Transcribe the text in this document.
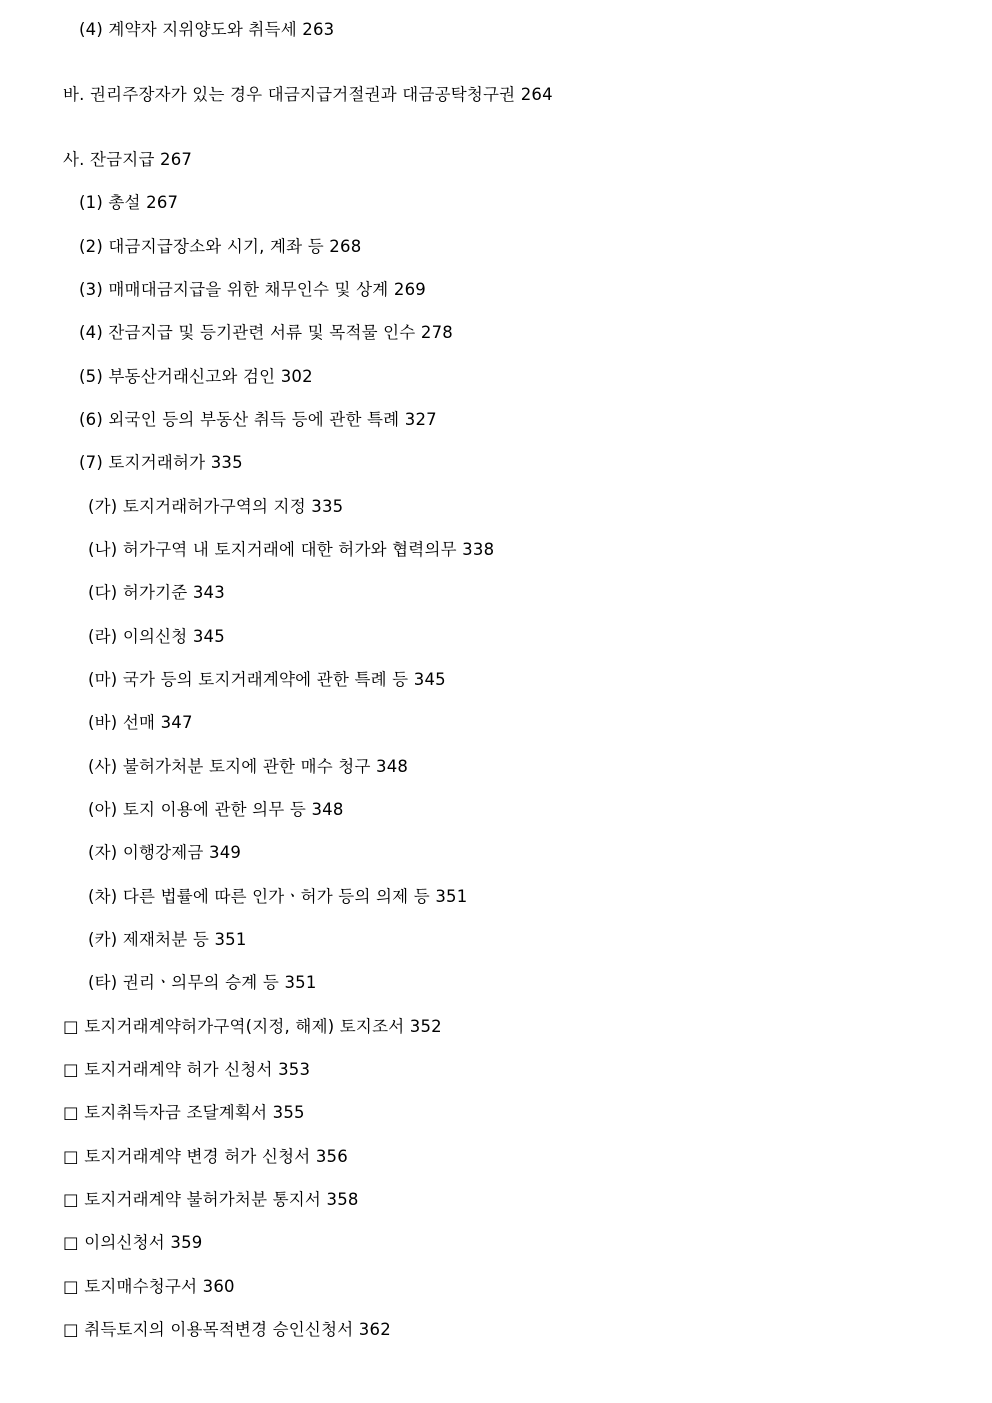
(4) 계약자 지위양도와 취득세 263
바. 권리주장자가 있는 경우 대금지급거절권과 대금공탁청구권 264
사. 잔금지급 267
(1) 총설 267
(2) 대금지급장소와 시기, 계좌 등 268
(3) 매매대금지급을 위한 채무인수 및 상계 269
(4) 잔금지급 및 등기관련 서류 및 목적물 인수 278
(5) 부동산거래신고와 검인 302
(6) 외국인 등의 부동산 취득 등에 관한 특례 327
(7) 토지거래허가 335
(가) 토지거래허가구역의 지정 335
(나) 허가구역 내 토지거래에 대한 허가와 협력의무 338
(다) 허가기준 343
(라) 이의신청 345
(마) 국가 등의 토지거래계약에 관한 특례 등 345
(바) 선매 347
(사) 불허가처분 토지에 관한 매수 청구 348
(아) 토지 이용에 관한 의무 등 348
(자) 이행강제금 349
(차) 다른 법률에 따른 인가ㆍ허가 등의 의제 등 351
(카) 제재처분 등 351
(타) 권리ㆍ의무의 승계 등 351
□ 토지거래계약허가구역(지정, 해제) 토지조서 352
□ 토지거래계약 허가 신청서 353
□ 토지취득자금 조달계획서 355
□ 토지거래계약 변경 허가 신청서 356
□ 토지거래계약 불허가처분 통지서 358
□ 이의신청서 359
□ 토지매수청구서 360
□ 취득토지의 이용목적변경 승인신청서 362
